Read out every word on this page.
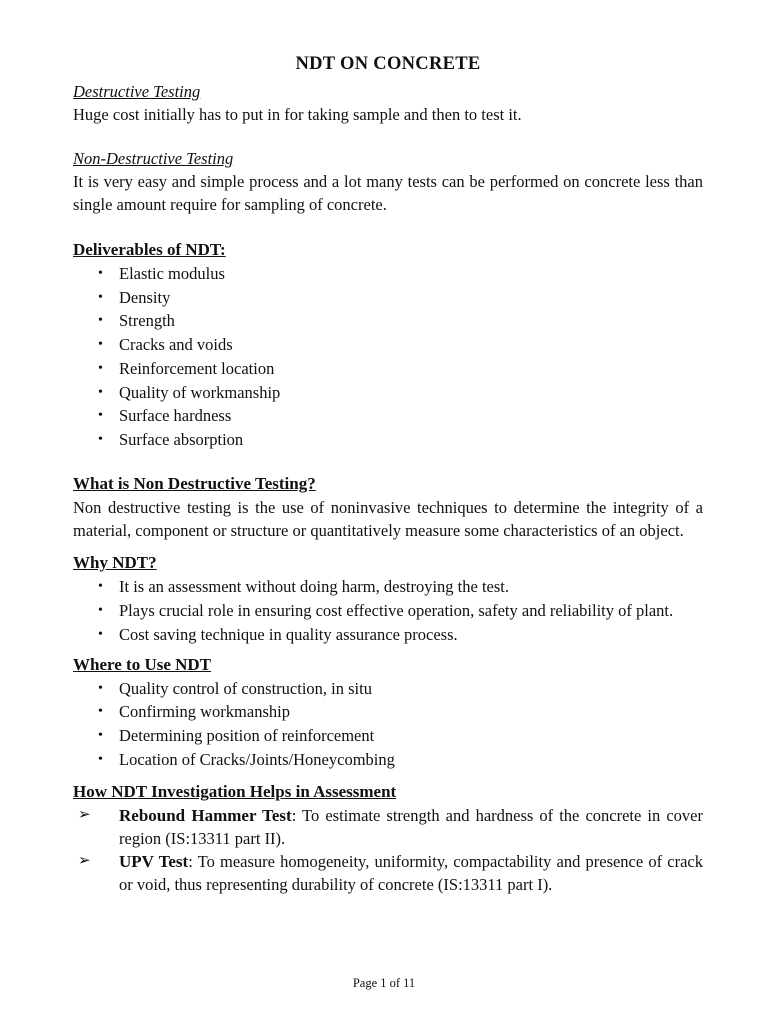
NDT ON CONCRETE
Destructive Testing
Huge cost initially has to put in for taking sample and then to test it.
Non-Destructive Testing
It is very easy and simple process and a lot many tests can be performed on concrete less than single amount require for sampling of concrete.
Deliverables of NDT:
• Elastic modulus
• Density
• Strength
• Cracks and voids
• Reinforcement location
• Quality of workmanship
• Surface hardness
• Surface absorption
What is Non Destructive Testing?
Non destructive testing is the use of noninvasive techniques to determine the integrity of a material, component or structure or quantitatively measure some characteristics of an object.
Why NDT?
• It is an assessment without doing harm, destroying the test.
• Plays crucial role in ensuring cost effective operation, safety and reliability of plant.
• Cost saving technique in quality assurance process.
Where to Use NDT
• Quality control of construction, in situ
• Confirming workmanship
• Determining position of reinforcement
• Location of Cracks/Joints/Honeycombing
How NDT Investigation Helps in Assessment
➢ Rebound Hammer Test: To estimate strength and hardness of the concrete in cover region (IS:13311 part II).
➢ UPV Test: To measure homogeneity, uniformity, compactability and presence of crack or void, thus representing durability of concrete (IS:13311 part I).
Page 1 of 11
